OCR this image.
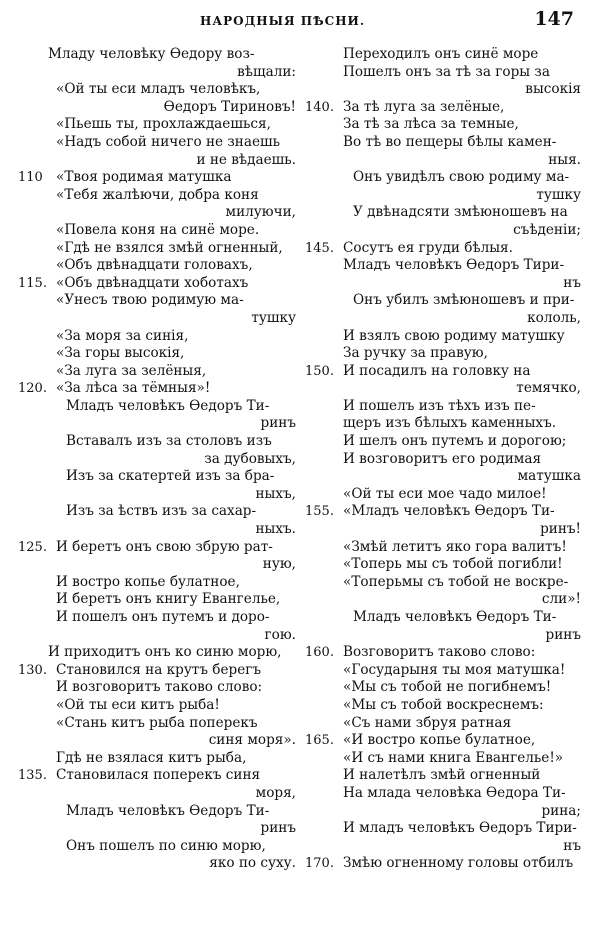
НАРОДНЫЯ ПѢСНИ.	147
Младу человѣку Ѳедору воз-
вѣщали:
«Ой ты еси младъ человѣкъ,
Ѳедоръ Тириновъ!
«Пьешь ты, прохлаждаешься,
«Надъ собой ничего не знаешь
и не вѣдаешь.
110 «Твоя родимая матушка
«Тебя жалѣючи, добра коня
милуючи,
«Повела коня на синё море.
«Гдѣ не взялся змѣй огненный,
«Объ двѣнадцати головахъ,
115. «Объ двѣнадцати хоботахъ
«Унесъ твою родимую ма-
тушку
«За моря за синія,
«За горы высокія,
«За луга за зелёныя,
120. «За лѣса за тёмныя»!
Младъ человѣкъ Ѳедоръ Ти-
ринъ
Вставалъ изъ за столовъ изъ
за дубовыхъ,
Изъ за скатертей изъ за бра-
ныхъ,
Изъ за ѣствъ изъ за сахар-
ныхъ.
125. И беретъ онъ свою збрую рат-
ную,
И востро копье булатное,
И беретъ онъ книгу Евангелье,
И пошелъ онъ путемъ и доро-
гою.
И приходитъ онъ ко синю морю,
130. Становился на крутъ берегъ
И возговоритъ таково слово:
«Ой ты еси китъ рыба!
«Стань китъ рыба поперекъ
синя моря».
Гдѣ не взялася китъ рыба,
135. Становилася поперекъ синя
моря,
Младъ человѣкъ Ѳедоръ Ти-
ринъ
Онъ пошелъ по синю морю,
яко по суху.
Переходилъ онъ синё море
Пошелъ онъ за тѣ за горы за
высокія
140. За тѣ луга за зелёные,
За тѣ за лѣса за темные,
Во тѣ во пещеры бѣлы камен-
ныя.
Онъ увидѣлъ свою родиму ма-
тушку
У двѣнадсяти змѣюношевъ на
съѣденіи;
145. Сосутъ ея груди бѣлыя.
Младъ человѣкъ Ѳедоръ Тири-
нъ
Онъ убилъ змѣюношевъ и при-
кололь,
И взялъ свою родиму матушку
За ручку за правую,
150. И посадилъ на головку на
темячко,
И пошелъ изъ тѣхъ изъ пе-
щеръ изъ бѣлыхъ каменныхъ.
И шелъ онъ путемъ и дорогою;
И возговоритъ его родимая
матушка
«Ой ты еси мое чадо милое!
155. «Младъ человѣкъ Ѳедоръ Ти-
ринъ!
«Змѣй летитъ яко гора валитъ!
«Топерь мы съ тобой погибли!
«Топерьмы съ тобой не воскре-
сли»!
Младъ человѣкъ Ѳедоръ Ти-
ринъ
160. Возговоритъ таково слово:
«Государыня ты моя матушка!
«Мы съ тобой не погибнемъ!
«Мы съ тобой воскреснемъ:
«Съ нами збруя ратная
165. «И востро копье булатное,
«И съ нами книга Евангелье!»
И налетѣлъ змѣй огненный
На млада человѣка Ѳедора Ти-
рина;
И младъ человѣкъ Ѳедоръ Тири-
нъ
170. Змѣю огненному головы отбилъ
